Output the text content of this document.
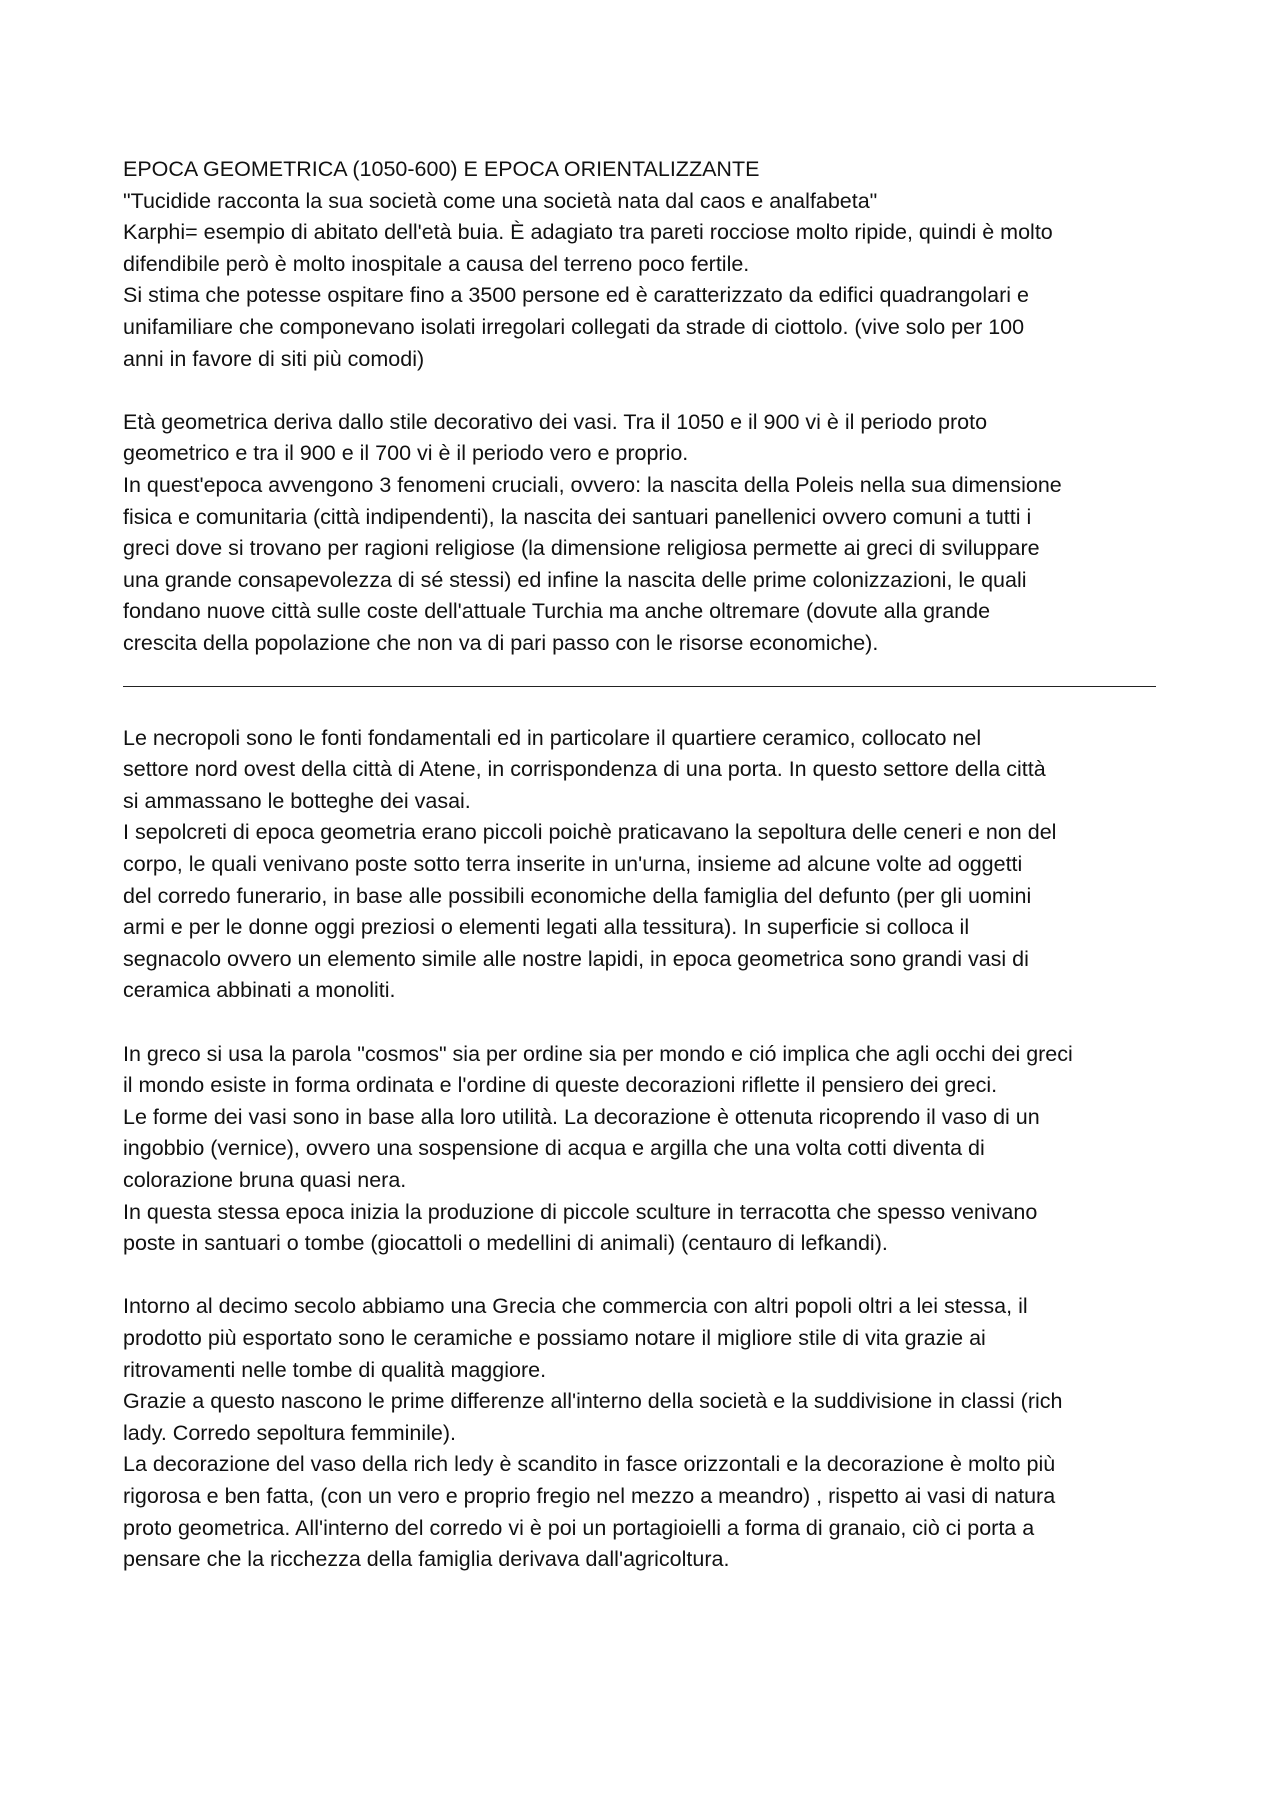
EPOCA GEOMETRICA (1050-600) E EPOCA ORIENTALIZZANTE
"Tucidide racconta la sua società come una società nata dal caos e analfabeta"
Karphi= esempio di abitato dell'età buia. È adagiato tra pareti rocciose molto ripide, quindi è molto
difendibile però è molto inospitale a causa del terreno poco fertile.
Si stima che potesse ospitare fino a 3500 persone ed è caratterizzato da edifici quadrangolari e
unifamiliare che componevano isolati irregolari collegati da strade di ciottolo. (vive solo per 100
anni in favore di siti più comodi)
Età geometrica deriva dallo stile decorativo dei vasi. Tra il 1050 e il 900 vi è il periodo proto
geometrico e tra il 900 e il 700 vi è il periodo vero e proprio.
In quest'epoca avvengono 3 fenomeni cruciali, ovvero: la nascita della Poleis nella sua dimensione
fisica e comunitaria (città indipendenti), la nascita dei santuari panellenici ovvero comuni a tutti i
greci dove si trovano per ragioni religiose (la dimensione religiosa permette ai greci di sviluppare
una grande consapevolezza di sé stessi) ed infine la nascita delle prime colonizzazioni, le quali
fondano nuove città sulle coste dell'attuale Turchia ma anche oltremare (dovute alla grande
crescita della popolazione che non va di pari passo con le risorse economiche).
Le necropoli sono le fonti fondamentali ed in particolare il quartiere ceramico, collocato nel
settore nord ovest della città di Atene, in corrispondenza di una porta. In questo settore della città
si ammassano le botteghe dei vasai.
I sepolcreti di epoca geometria erano piccoli poichè praticavano la sepoltura delle ceneri e non del
corpo, le quali venivano poste sotto terra inserite in un'urna, insieme ad alcune volte ad oggetti
del corredo funerario, in base alle possibili economiche della famiglia del defunto (per gli uomini
armi e per le donne oggi preziosi o elementi legati alla tessitura). In superficie si colloca il
segnacolo ovvero un elemento simile alle nostre lapidi, in epoca geometrica sono grandi vasi di
ceramica abbinati a monoliti.
In greco si usa la parola "cosmos" sia per ordine sia per mondo e ció implica che agli occhi dei greci
il mondo esiste in forma ordinata e l'ordine di queste decorazioni riflette il pensiero dei greci.
Le forme dei vasi sono in base alla loro utilità. La decorazione è ottenuta ricoprendo il vaso di un
ingobbio (vernice), ovvero una sospensione di acqua e argilla che una volta cotti diventa di
colorazione bruna quasi nera.
In questa stessa epoca inizia la produzione di piccole sculture in terracotta che spesso venivano
poste in santuari o tombe (giocattoli o medellini di animali) (centauro di lefkandi).
Intorno al decimo secolo abbiamo una Grecia che commercia con altri popoli oltri a lei stessa, il
prodotto più esportato sono le ceramiche e possiamo notare il migliore stile di vita grazie ai
ritrovamenti nelle tombe di qualità maggiore.
Grazie a questo nascono le prime differenze all'interno della società e la suddivisione in classi (rich
lady. Corredo sepoltura femminile).
La decorazione del vaso della rich ledy è scandito in fasce orizzontali e la decorazione è molto più
rigorosa e ben fatta, (con un vero e proprio fregio nel mezzo a meandro) , rispetto ai vasi di natura
proto geometrica. All'interno del corredo vi è poi un portagioielli a forma di granaio, ciò ci porta a
pensare che la ricchezza della famiglia derivava dall'agricoltura.
